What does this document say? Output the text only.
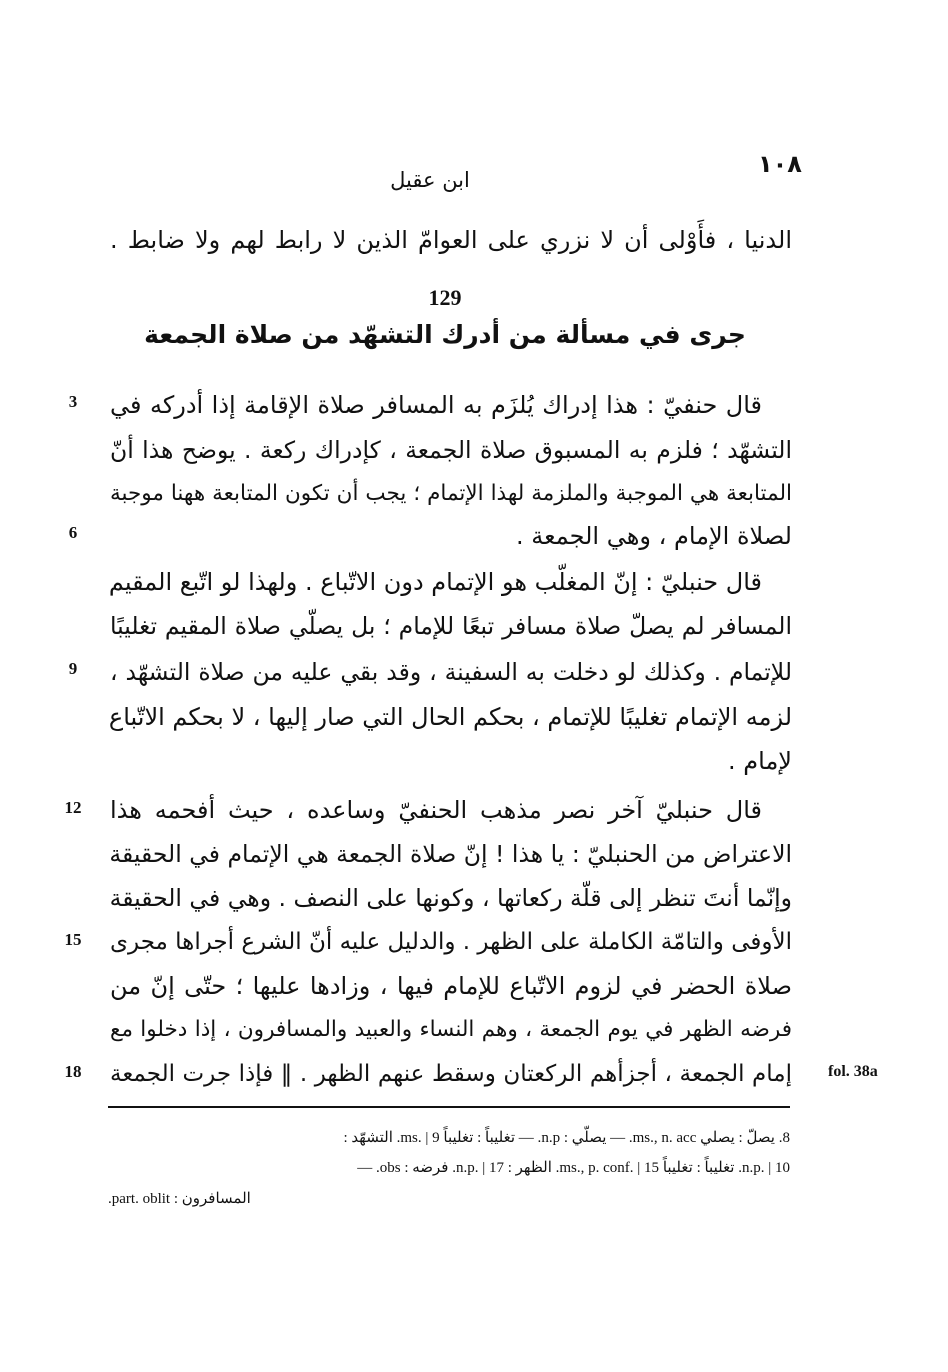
١٠٨
ابن عقيل
الدنيا ، فأَوْلى أن لا نزري على العوامّ الذين لا رابط لهم ولا ضابط .
129
جرى في مسألة من أدرك التشهّد من صلاة الجمعة
قال حنفيّ : هذا إدراك يُلزَم به المسافر صلاة الإقامة إذا أدركه في
التشهّد ؛ فلزم به المسبوق صلاة الجمعة ، كإدراك ركعة . يوضح هذا أنّ
المتابعة هي الموجبة والملزمة لهذا الإتمام ؛ يجب أن تكون المتابعة ههنا موجبة
لصلاة الإمام ، وهي الجمعة .
قال حنبليّ : إنّ المغلّب هو الإتمام دون الاتّباع . ولهذا لو اتّبع المقيم
المسافر لم يصلّ صلاة مسافر تبعًا للإمام ؛ بل يصلّي صلاة المقيم تغليبًا
للإتمام . وكذلك لو دخلت به السفينة ، وقد بقي عليه من صلاة التشهّد ،
لزمه الإتمام تغليبًا للإتمام ، بحكم الحال التي صار إليها ، لا بحكم الاتّباع
لإمام .
قال حنبليّ آخر نصر مذهب الحنفيّ وساعده ، حيث أفحمه هذا
الاعتراض من الحنبليّ : يا هذا ! إنّ صلاة الجمعة هي الإتمام في الحقيقة
وإنّما أنتَ تنظر إلى قلّة ركعاتها ، وكونها على النصف . وهي في الحقيقة
الأوفى والتامّة الكاملة على الظهر . والدليل عليه أنّ الشرع أجراها مجرى
صلاة الحضر في لزوم الاتّباع للإمام فيها ، وزادها عليها ؛ حتّى إنّ من
فرضه الظهر في يوم الجمعة ، وهم النساء والعبيد والمسافرون ، إذا دخلوا مع
إمام الجمعة ، أجزأهم الركعتان وسقط عنهم الظهر . ‖ فإذا جرت الجمعة
3
6
9
12
15
18	fol. 38a
8. يصلّ : يصلي ms., n. acc. — يصلّي : n.p. — تغليباً : تغليباً ms. | 9. التشهّد :
n.p. | 10. تغليباً : تغليباً ms., p. conf. | 15. الظهر : n.p. | 17. فرضه : obs. —
المسافرون : part. oblit.
